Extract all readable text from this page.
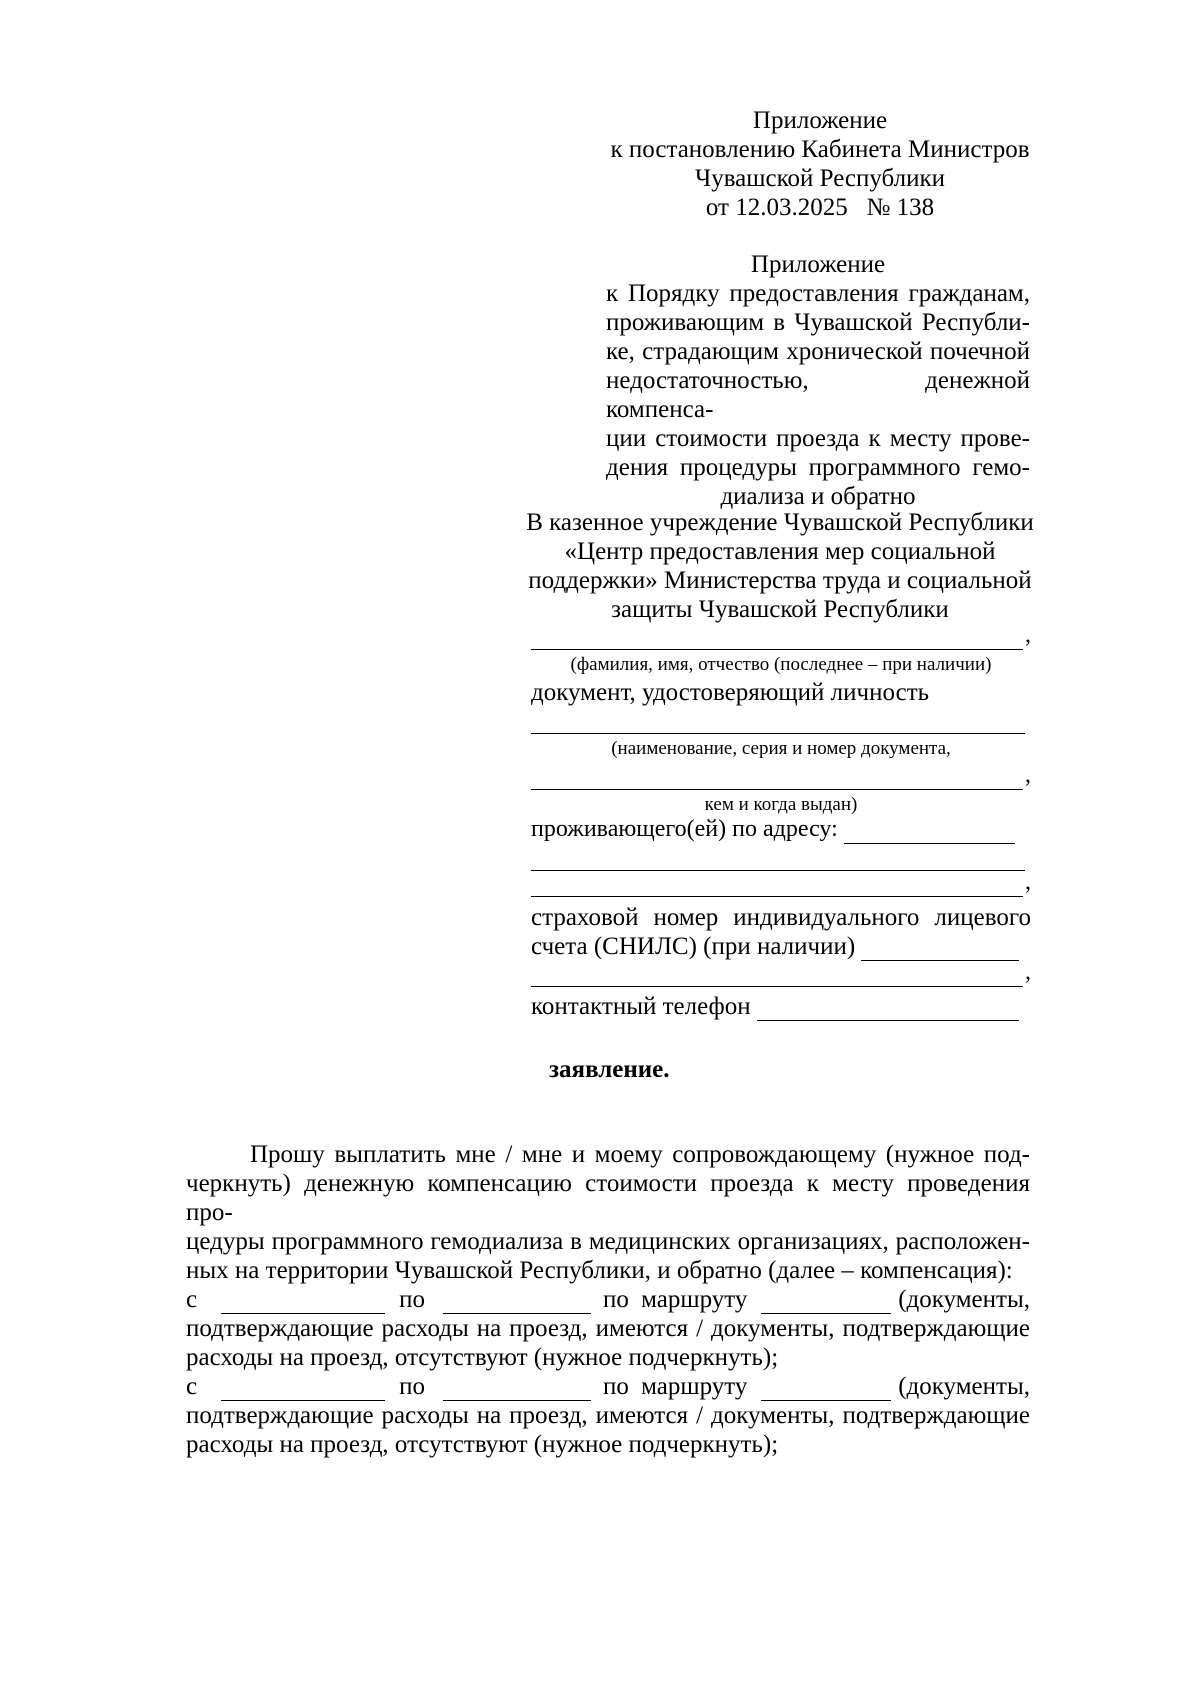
Приложение
к постановлению Кабинета Министров
Чувашской Республики
от 12.03.2025   № 138
Приложение
к Порядку предоставления гражданам,
проживающим в Чувашской Республи-
ке, страдающим хронической почечной
недостаточностью, денежной компенса-
ции стоимости проезда к месту прове-
дения процедуры программного гемо-
диализа и обратно
В казенное учреждение Чувашской Республики
«Центр предоставления мер социальной
поддержки» Министерства труда и социальной
защиты Чувашской Республики
,
(фамилия, имя, отчество (последнее – при наличии)
документ, удостоверяющий личность
(наименование, серия и номер документа,
,
кем и когда выдан)
проживающего(ей) по адресу:
,
страховой номер индивидуального лицевого
счета (СНИЛС) (при наличии)
,
контактный телефон
заявление.
Прошу выплатить мне / мне и моему сопровождающему (нужное под-
черкнуть) денежную компенсацию стоимости проезда к месту проведения про-
цедуры программного гемодиализа в медицинских организациях, расположен-
ных на территории Чувашской Республики, и обратно (далее – компенсация):
с	по	по маршруту	(документы,
подтверждающие расходы на проезд, имеются / документы, подтверждающие
расходы на проезд, отсутствуют (нужное подчеркнуть);
с	по	по маршруту	(документы,
подтверждающие расходы на проезд, имеются / документы, подтверждающие
расходы на проезд, отсутствуют (нужное подчеркнуть);
